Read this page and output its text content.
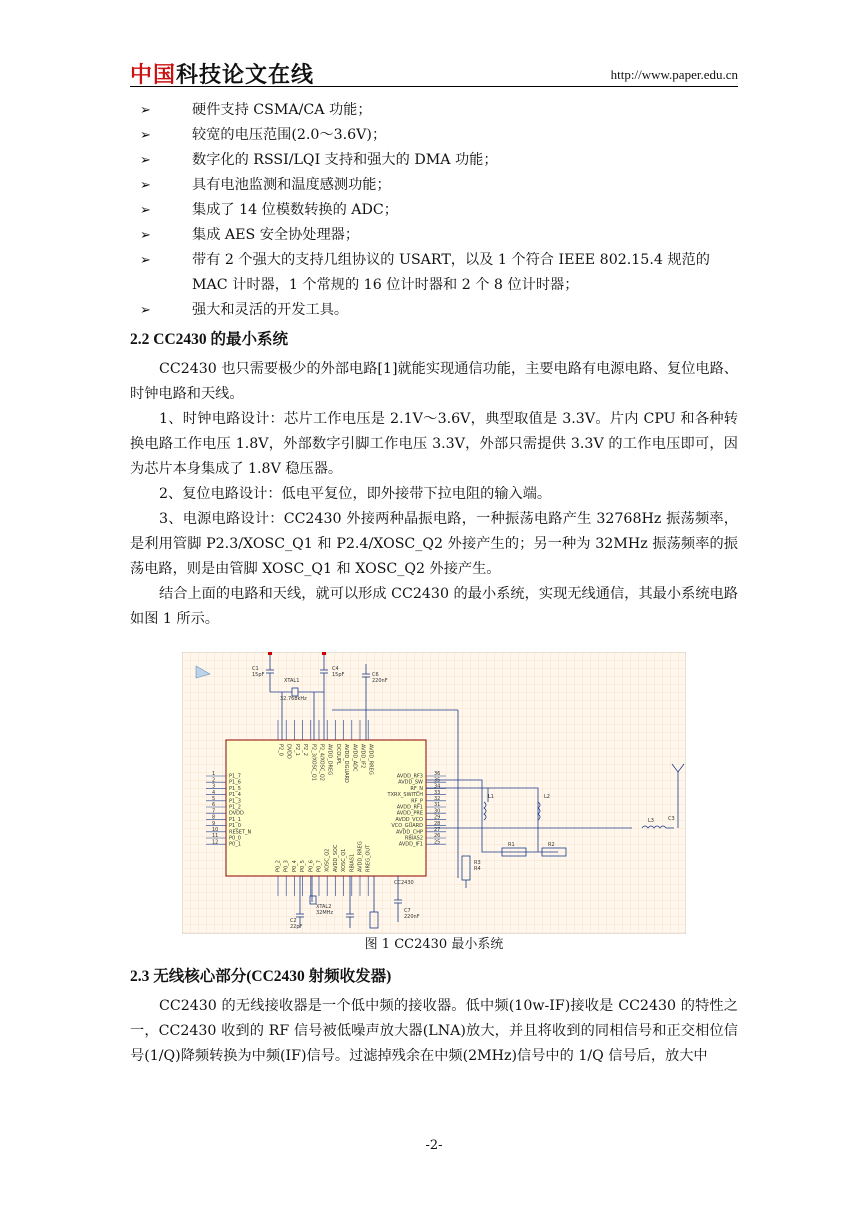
中国科技论文在线	http://www.paper.edu.cn
➢	硬件支持 CSMA/CA 功能；
➢	较宽的电压范围(2.0～3.6V)；
➢	数字化的 RSSI/LQI 支持和强大的 DMA 功能；
➢	具有电池监测和温度感测功能；
➢	集成了 14 位模数转换的 ADC；
➢	集成 AES 安全协处理器；
➢	带有 2 个强大的支持几组协议的 USART，以及 1 个符合 IEEE 802.15.4 规范的 MAC 计时器，1 个常规的 16 位计时器和 2 个 8 位计时器；
➢	强大和灵活的开发工具。
2.2 CC2430 的最小系统

CC2430 也只需要极少的外部电路[1]就能实现通信功能，主要电路有电源电路、复位电路、时钟电路和天线。

1、时钟电路设计：芯片工作电压是 2.1V～3.6V，典型取值是 3.3V。片内 CPU 和各种转换电路工作电压 1.8V，外部数字引脚工作电压 3.3V，外部只需提供 3.3V 的工作电压即可，因为芯片本身集成了 1.8V 稳压器。

2、复位电路设计：低电平复位，即外接带下拉电阻的输入端。

3、电源电路设计：CC2430 外接两种晶振电路，一种振荡电路产生 32768Hz 振荡频率，是利用管脚 P2.3/XOSC_Q1 和 P2.4/XOSC_Q2 外接产生的；另一种为 32MHz 振荡频率的振荡电路，则是由管脚 XOSC_Q1 和 XOSC_Q2 外接产生。

结合上面的电路和天线，就可以形成 CC2430 的最小系统，实现无线通信，其最小系统电路如图 1 所示。

P1_7
1
P1_6
2
P1_5
3
P1_4
4
P1_3
5
P1_2
6
DVDD
7
P1_1
8
P1_0
9
RESET_N
10
P0_0
11
P0_1
12
AVDD_RF3 36
AVDD_SW 35
RF_N 34
TXRX_SWITCH 33
RF_P 32
AVDD_RF1 31
AVDD_PRE 30
AVDD_VCO 29
VCO_GUARD 28
AVDD_CHP 27
RBIAS2 26
AVDD_IF1 25
P2_0 DVDD P2_1 P2_2 P2_3/XOSC_Q1 P2_4/XOSC_Q2 AVDD_DREG DCOUPL AVDD_DGUARD AVDD_ADC AVDD_IF2 AVDD_RREG
P0_2 P0_3 P0_4 P0_5 P0_6 P0_7 XOSC_Q2 AVDD_SOC XOSC_Q1 RBIAS1 AVDD_RREG RREG_OUT
C1
15pF
XTAL1
32.768kHz
C4
15pF	C6
220nF
L1	L2
L3	C3
R1	R2
R3
R4
C2
22pF
XTAL2
32MHz	C7
220nF
CC2430
图 1 CC2430 最小系统
2.3 无线核心部分(CC2430 射频收发器)

CC2430 的无线接收器是一个低中频的接收器。低中频(10w-IF)接收是 CC2430 的特性之一，CC2430 收到的 RF 信号被低噪声放大器(LNA)放大，并且将收到的同相信号和正交相位信号(1/Q)降频转换为中频(IF)信号。过滤掉残余在中频(2MHz)信号中的 1/Q 信号后，放大中

-2-
